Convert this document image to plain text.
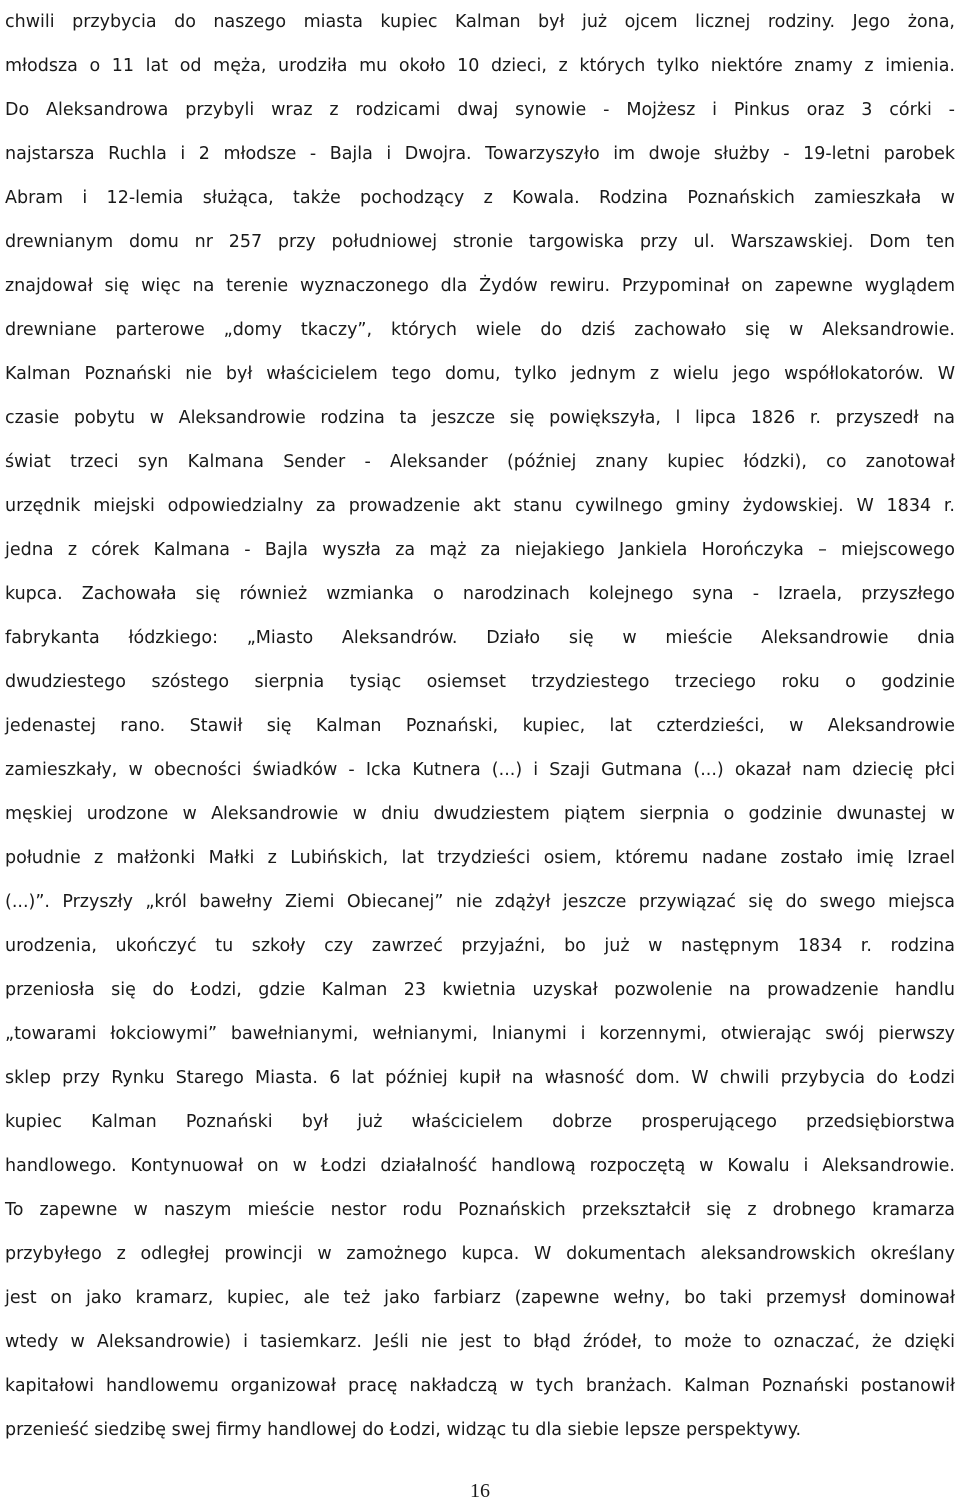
chwili przybycia do naszego miasta kupiec Kalman był już ojcem licznej rodziny. Jego żona,
młodsza o 11 lat od męża, urodziła mu około 10 dzieci, z których tylko niektóre znamy z imienia.
Do Aleksandrowa przybyli wraz z rodzicami dwaj synowie - Mojżesz i Pinkus oraz 3 córki -
najstarsza Ruchla i 2 młodsze - Bajla i Dwojra. Towarzyszyło im dwoje służby - 19-letni parobek
Abram i 12-lemia służąca, także pochodzący z Kowala. Rodzina Poznańskich zamieszkała w
drewnianym domu nr 257 przy południowej stronie targowiska przy ul. Warszawskiej. Dom ten
znajdował się więc na terenie wyznaczonego dla Żydów rewiru. Przypominał on zapewne wyglądem
drewniane parterowe „domy tkaczy”, których wiele do dziś zachowało się w Aleksandrowie.
Kalman Poznański nie był właścicielem tego domu, tylko jednym z wielu jego współlokatorów. W
czasie pobytu w Aleksandrowie rodzina ta jeszcze się powiększyła, l lipca 1826 r. przyszedł na
świat trzeci syn Kalmana Sender - Aleksander (później znany kupiec łódzki), co zanotował
urzędnik miejski odpowiedzialny za prowadzenie akt stanu cywilnego gminy żydowskiej. W 1834 r.
jedna z córek Kalmana - Bajla wyszła za mąż za niejakiego Jankiela Horończyka – miejscowego
kupca. Zachowała się również wzmianka o narodzinach kolejnego syna - Izraela, przyszłego
fabrykanta łódzkiego: „Miasto Aleksandrów. Działo się w mieście Aleksandrowie dnia
dwudziestego szóstego sierpnia tysiąc osiemset trzydziestego trzeciego roku o godzinie
jedenastej rano. Stawił się Kalman Poznański, kupiec, lat czterdzieści, w Aleksandrowie
zamieszkały, w obecności świadków - Icka Kutnera (...) i Szaji Gutmana (...) okazał nam dziecię płci
męskiej urodzone w Aleksandrowie w dniu dwudziestem piątem sierpnia o godzinie dwunastej w
południe z małżonki Małki z Lubińskich, lat trzydzieści osiem, któremu nadane zostało imię Izrael
(...)”. Przyszły „król bawełny Ziemi Obiecanej” nie zdążył jeszcze przywiązać się do swego miejsca
urodzenia, ukończyć tu szkoły czy zawrzeć przyjaźni, bo już w następnym 1834 r. rodzina
przeniosła się do Łodzi, gdzie Kalman 23 kwietnia uzyskał pozwolenie na prowadzenie handlu
„towarami łokciowymi” bawełnianymi, wełnianymi, lnianymi i korzennymi, otwierając swój pierwszy
sklep przy Rynku Starego Miasta. 6 lat później kupił na własność dom. W chwili przybycia do Łodzi
kupiec Kalman Poznański był już właścicielem dobrze prosperującego przedsiębiorstwa
handlowego. Kontynuował on w Łodzi działalność handlową rozpoczętą w Kowalu i Aleksandrowie.
To zapewne w naszym mieście nestor rodu Poznańskich przekształcił się z drobnego kramarza
przybyłego z odległej prowincji w zamożnego kupca. W dokumentach aleksandrowskich określany
jest on jako kramarz, kupiec, ale też jako farbiarz (zapewne wełny, bo taki przemysł dominował
wtedy w Aleksandrowie) i tasiemkarz. Jeśli nie jest to błąd źródeł, to może to oznaczać, że dzięki
kapitałowi handlowemu organizował pracę nakładczą w tych branżach. Kalman Poznański postanowił
przenieść siedzibę swej firmy handlowej do Łodzi, widząc tu dla siebie lepsze perspektywy.
16
